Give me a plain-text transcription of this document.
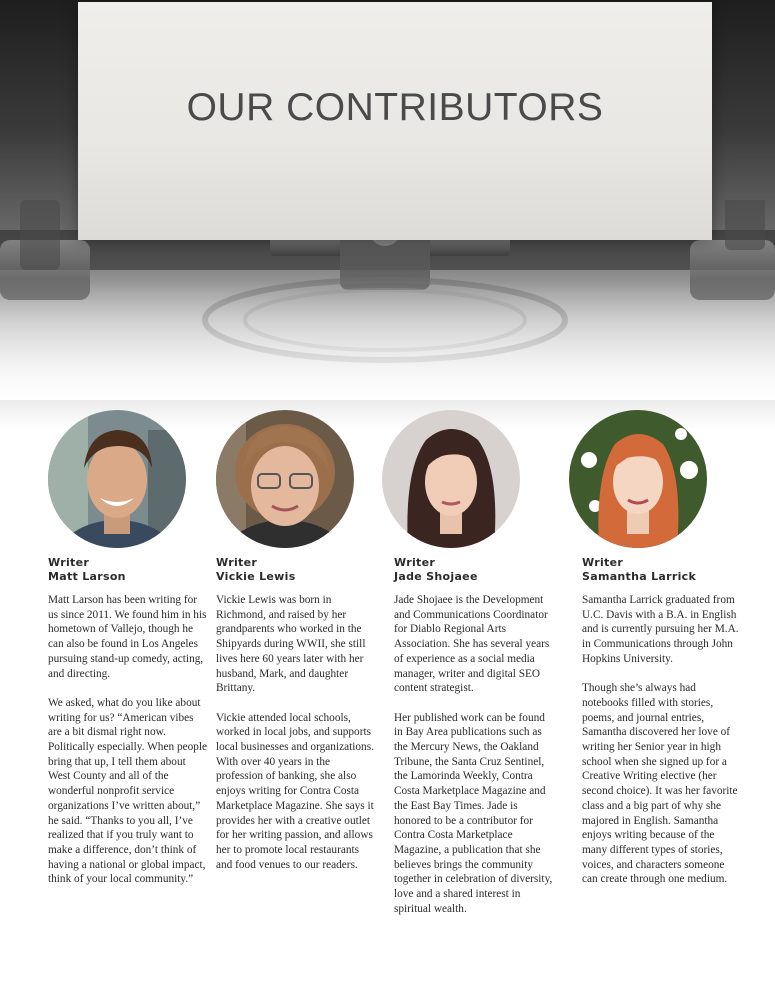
OUR CONTRIBUTORS
Writer
Matt Larson

Matt Larson has been writing for us since 2011. We found him in his hometown of Vallejo, though he can also be found in Los Angeles pursuing stand-up comedy, acting, and directing.

We asked, what do you like about writing for us? “American vibes are a bit dismal right now. Politically especially. When people bring that up, I tell them about West County and all of the wonderful nonprofit service organizations I’ve written about,” he said. “Thanks to you all, I’ve realized that if you truly want to make a difference, don’t think of having a national or global impact, think of your local community.”

Writer
Vickie Lewis

Vickie Lewis was born in Richmond, and raised by her grandparents who worked in the Shipyards during WWII, she still lives here 60 years later with her husband, Mark, and daughter Brittany.

Vickie attended local schools, worked in local jobs, and supports local businesses and organizations. With over 40 years in the profession of banking, she also enjoys writing for Contra Costa Marketplace Magazine. She says it provides her with a creative outlet for her writing passion, and allows her to promote local restaurants and food venues to our readers.

Writer
Jade Shojaee

Jade Shojaee is the Development and Communications Coordinator for Diablo Regional Arts Association. She has several years of experience as a social media manager, writer and digital SEO content strategist.

Her published work can be found in Bay Area publications such as the Mercury News, the Oakland Tribune, the Santa Cruz Sentinel, the Lamorinda Weekly, Contra Costa Marketplace Magazine and the East Bay Times. Jade is honored to be a contributor for Contra Costa Marketplace Magazine, a publication that she believes brings the community together in celebration of diversity, love and a shared interest in spiritual wealth.

Writer
Samantha Larrick

Samantha Larrick graduated from U.C. Davis with a B.A. in English and is currently pursuing her M.A. in Communications through John Hopkins University.

Though she’s always had notebooks filled with stories, poems, and journal entries, Samantha discovered her love of writing her Senior year in high school when she signed up for a Creative Writing elective (her second choice). It was her favorite class and a big part of why she majored in English. Samantha enjoys writing because of the many different types of stories, voices, and characters someone can create through one medium.
